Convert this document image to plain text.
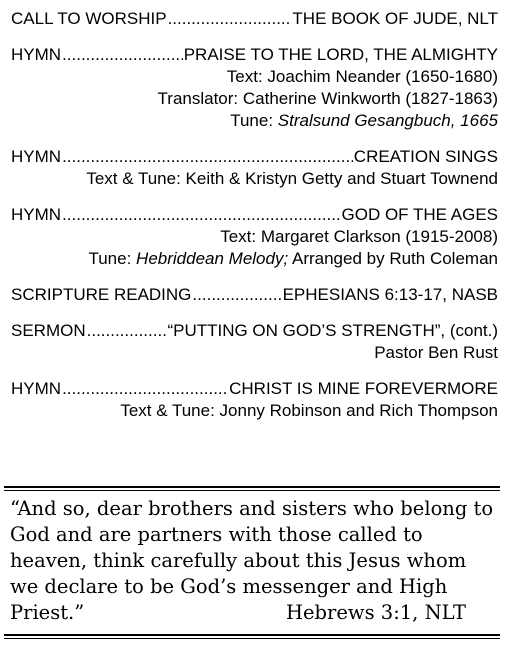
CALL TO WORSHIP .....	THE BOOK OF JUDE, NLT
HYMN .....	PRAISE TO THE LORD, THE ALMIGHTY
Text: Joachim Neander (1650-1680)
Translator: Catherine Winkworth (1827-1863)
Tune: Stralsund Gesangbuch, 1665
HYMN .....	CREATION SINGS
Text & Tune: Keith & Kristyn Getty and Stuart Townend
HYMN .....	GOD OF THE AGES
Text: Margaret Clarkson (1915-2008)
Tune: Hebriddean Melody; Arranged by Ruth Coleman
SCRIPTURE READING .....	EPHESIANS 6:13-17, NASB
SERMON .....	“PUTTING ON GOD’S STRENGTH”, (cont.)
Pastor Ben Rust
HYMN .....	CHRIST IS MINE FOREVERMORE
Text & Tune: Jonny Robinson and Rich Thompson
“And so, dear brothers and sisters who belong to God and are partners with those called to heaven, think carefully about this Jesus whom we declare to be God’s messenger and High Priest.”	Hebrews 3:1, NLT
